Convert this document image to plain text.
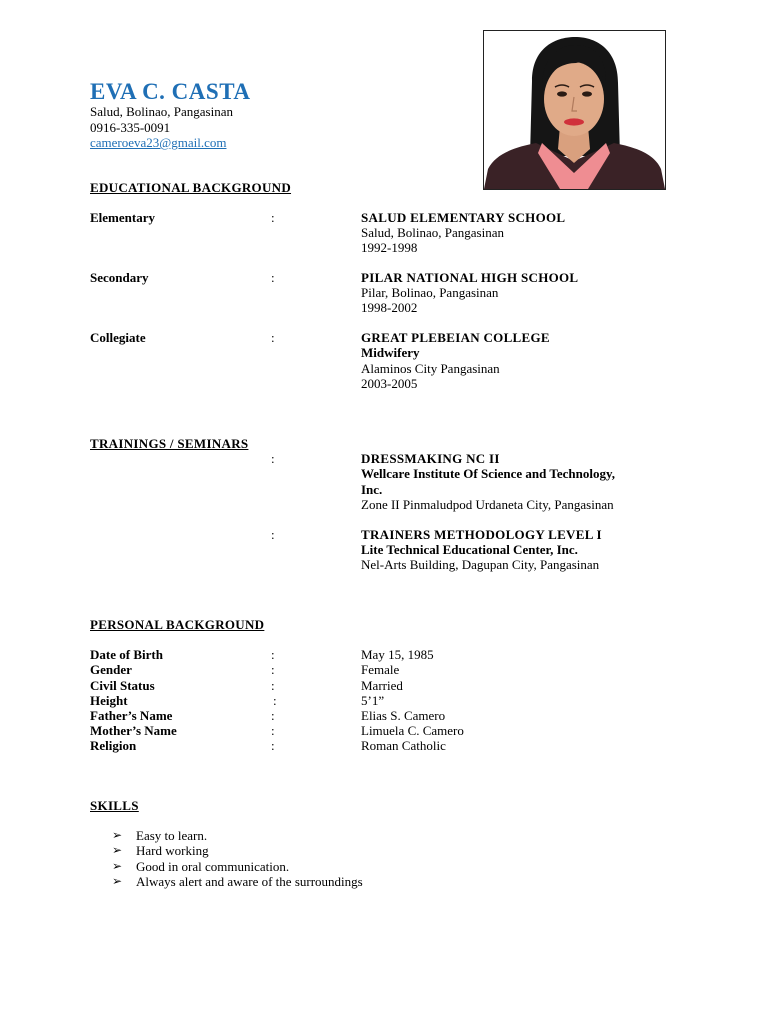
EVA C. CASTA
Salud, Bolinao, Pangasinan
0916-335-0091
cameroeva23@gmail.com
EDUCATIONAL BACKGROUND
Elementary	:	SALUD ELEMENTARY SCHOOL
Salud, Bolinao, Pangasinan
1992-1998
Secondary	:	PILAR NATIONAL HIGH SCHOOL
Pilar, Bolinao, Pangasinan
1998-2002
Collegiate	:	GREAT PLEBEIAN COLLEGE
Midwifery
Alaminos City Pangasinan
2003-2005
TRAININGS / SEMINARS
:	DRESSMAKING NC II
Wellcare Institute Of Science and Technology,
Inc.
Zone II Pinmaludpod Urdaneta City, Pangasinan
:	TRAINERS METHODOLOGY LEVEL I
Lite Technical Educational Center, Inc.
Nel-Arts Building, Dagupan City, Pangasinan
PERSONAL BACKGROUND
Date of Birth	:	May 15, 1985
Gender	:	Female
Civil Status	:	Married
Height	:	5’1”
Father’s Name	:	Elias S. Camero
Mother’s Name	:	Limuela C. Camero
Religion	:	Roman Catholic
SKILLS
➢ Easy to learn.
➢ Hard working
➢ Good in oral communication.
➢ Always alert and aware of the surroundings
